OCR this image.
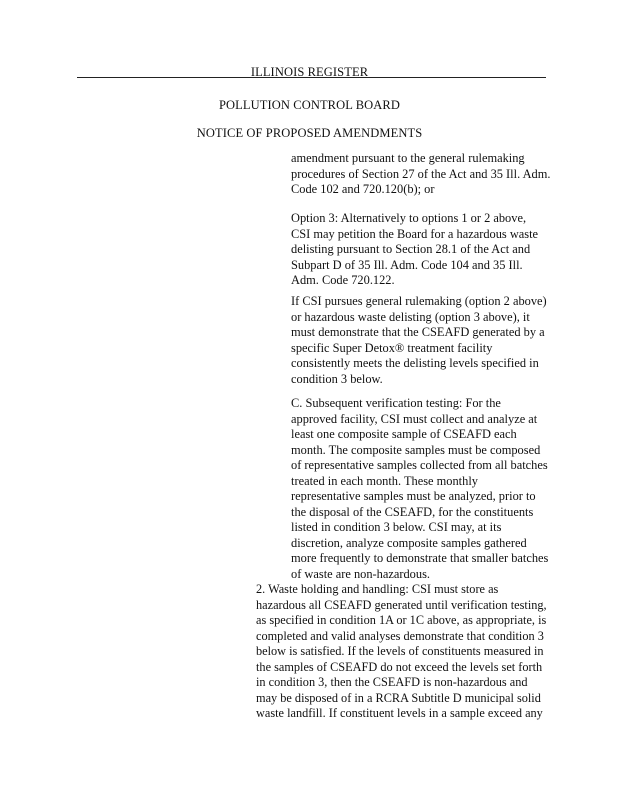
ILLINOIS REGISTER
POLLUTION CONTROL BOARD
NOTICE OF PROPOSED AMENDMENTS
amendment pursuant to the general rulemaking
procedures of Section 27 of the Act and 35 Ill. Adm.
Code 102 and 720.120(b); or
Option 3: Alternatively to options 1 or 2 above,
CSI may petition the Board for a hazardous waste
delisting pursuant to Section 28.1 of the Act and
Subpart D of 35 Ill. Adm. Code 104 and 35 Ill.
Adm. Code 720.122.
If CSI pursues general rulemaking (option 2 above)
or hazardous waste delisting (option 3 above), it
must demonstrate that the CSEAFD generated by a
specific Super Detox® treatment facility
consistently meets the delisting levels specified in
condition 3 below.
C. Subsequent verification testing: For the
approved facility, CSI must collect and analyze at
least one composite sample of CSEAFD each
month. The composite samples must be composed
of representative samples collected from all batches
treated in each month. These monthly
representative samples must be analyzed, prior to
the disposal of the CSEAFD, for the constituents
listed in condition 3 below. CSI may, at its
discretion, analyze composite samples gathered
more frequently to demonstrate that smaller batches
of waste are non-hazardous.
2. Waste holding and handling: CSI must store as
hazardous all CSEAFD generated until verification testing,
as specified in condition 1A or 1C above, as appropriate, is
completed and valid analyses demonstrate that condition 3
below is satisfied. If the levels of constituents measured in
the samples of CSEAFD do not exceed the levels set forth
in condition 3, then the CSEAFD is non-hazardous and
may be disposed of in a RCRA Subtitle D municipal solid
waste landfill. If constituent levels in a sample exceed any
